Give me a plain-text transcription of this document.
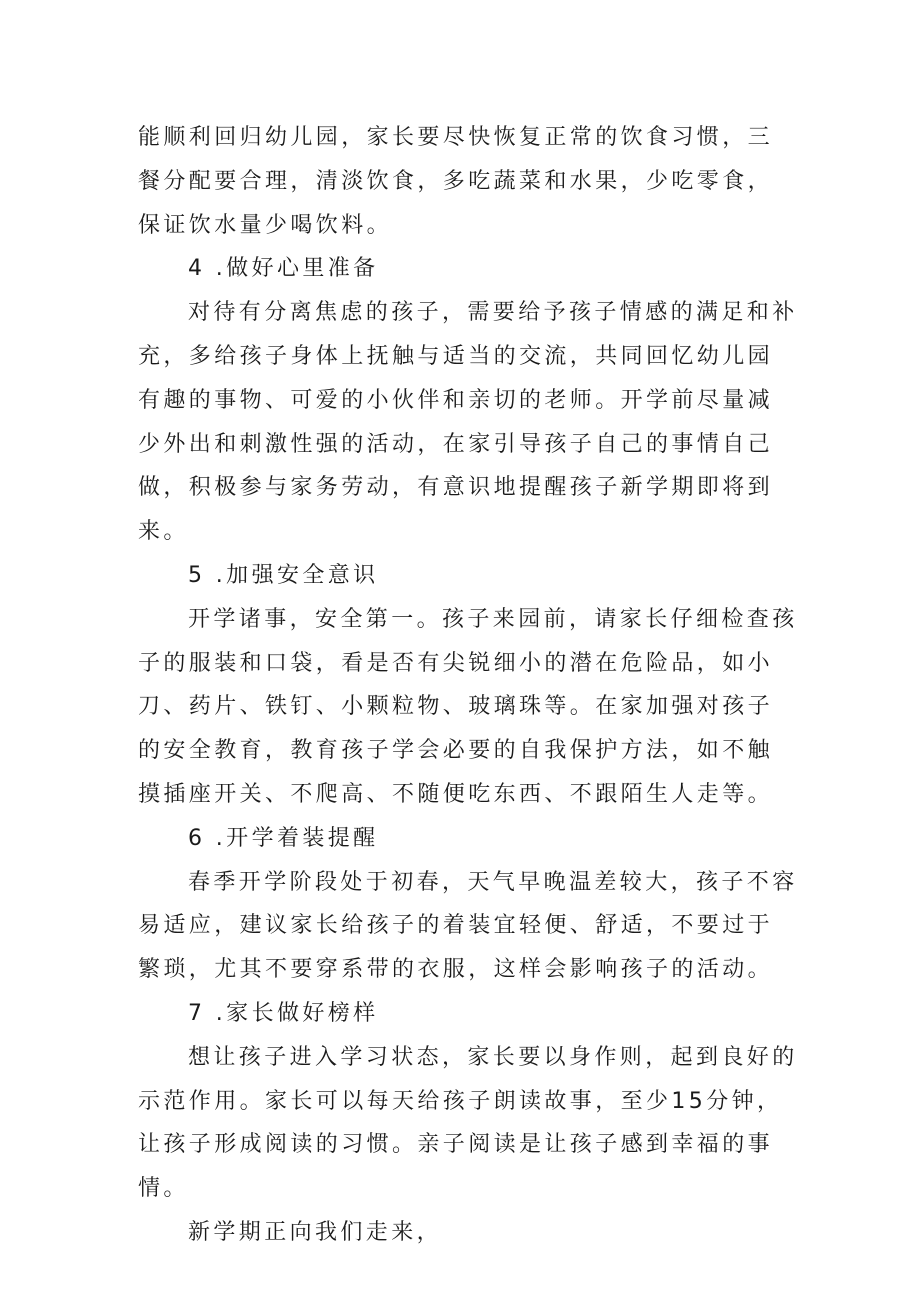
能顺利回归幼儿园，家长要尽快恢复正常的饮食习惯，三餐分配要合理，清淡饮食，多吃蔬菜和水果，少吃零食，保证饮水量少喝饮料。

4 .做好心里准备

对待有分离焦虑的孩子，需要给予孩子情感的满足和补充，多给孩子身体上抚触与适当的交流，共同回忆幼儿园有趣的事物、可爱的小伙伴和亲切的老师。开学前尽量减少外出和刺激性强的活动，在家引导孩子自己的事情自己做，积极参与家务劳动，有意识地提醒孩子新学期即将到来。

5 .加强安全意识

开学诸事，安全第一。孩子来园前，请家长仔细检查孩子的服装和口袋，看是否有尖锐细小的潜在危险品，如小刀、药片、铁钉、小颗粒物、玻璃珠等。在家加强对孩子的安全教育，教育孩子学会必要的自我保护方法，如不触摸插座开关、不爬高、不随便吃东西、不跟陌生人走等。

6 .开学着装提醒

春季开学阶段处于初春，天气早晚温差较大，孩子不容易适应，建议家长给孩子的着装宜轻便、舒适，不要过于繁琐，尤其不要穿系带的衣服，这样会影响孩子的活动。

7 .家长做好榜样

想让孩子进入学习状态，家长要以身作则，起到良好的示范作用。家长可以每天给孩子朗读故事，至少15分钟，让孩子形成阅读的习惯。亲子阅读是让孩子感到幸福的事情。

新学期正向我们走来，
